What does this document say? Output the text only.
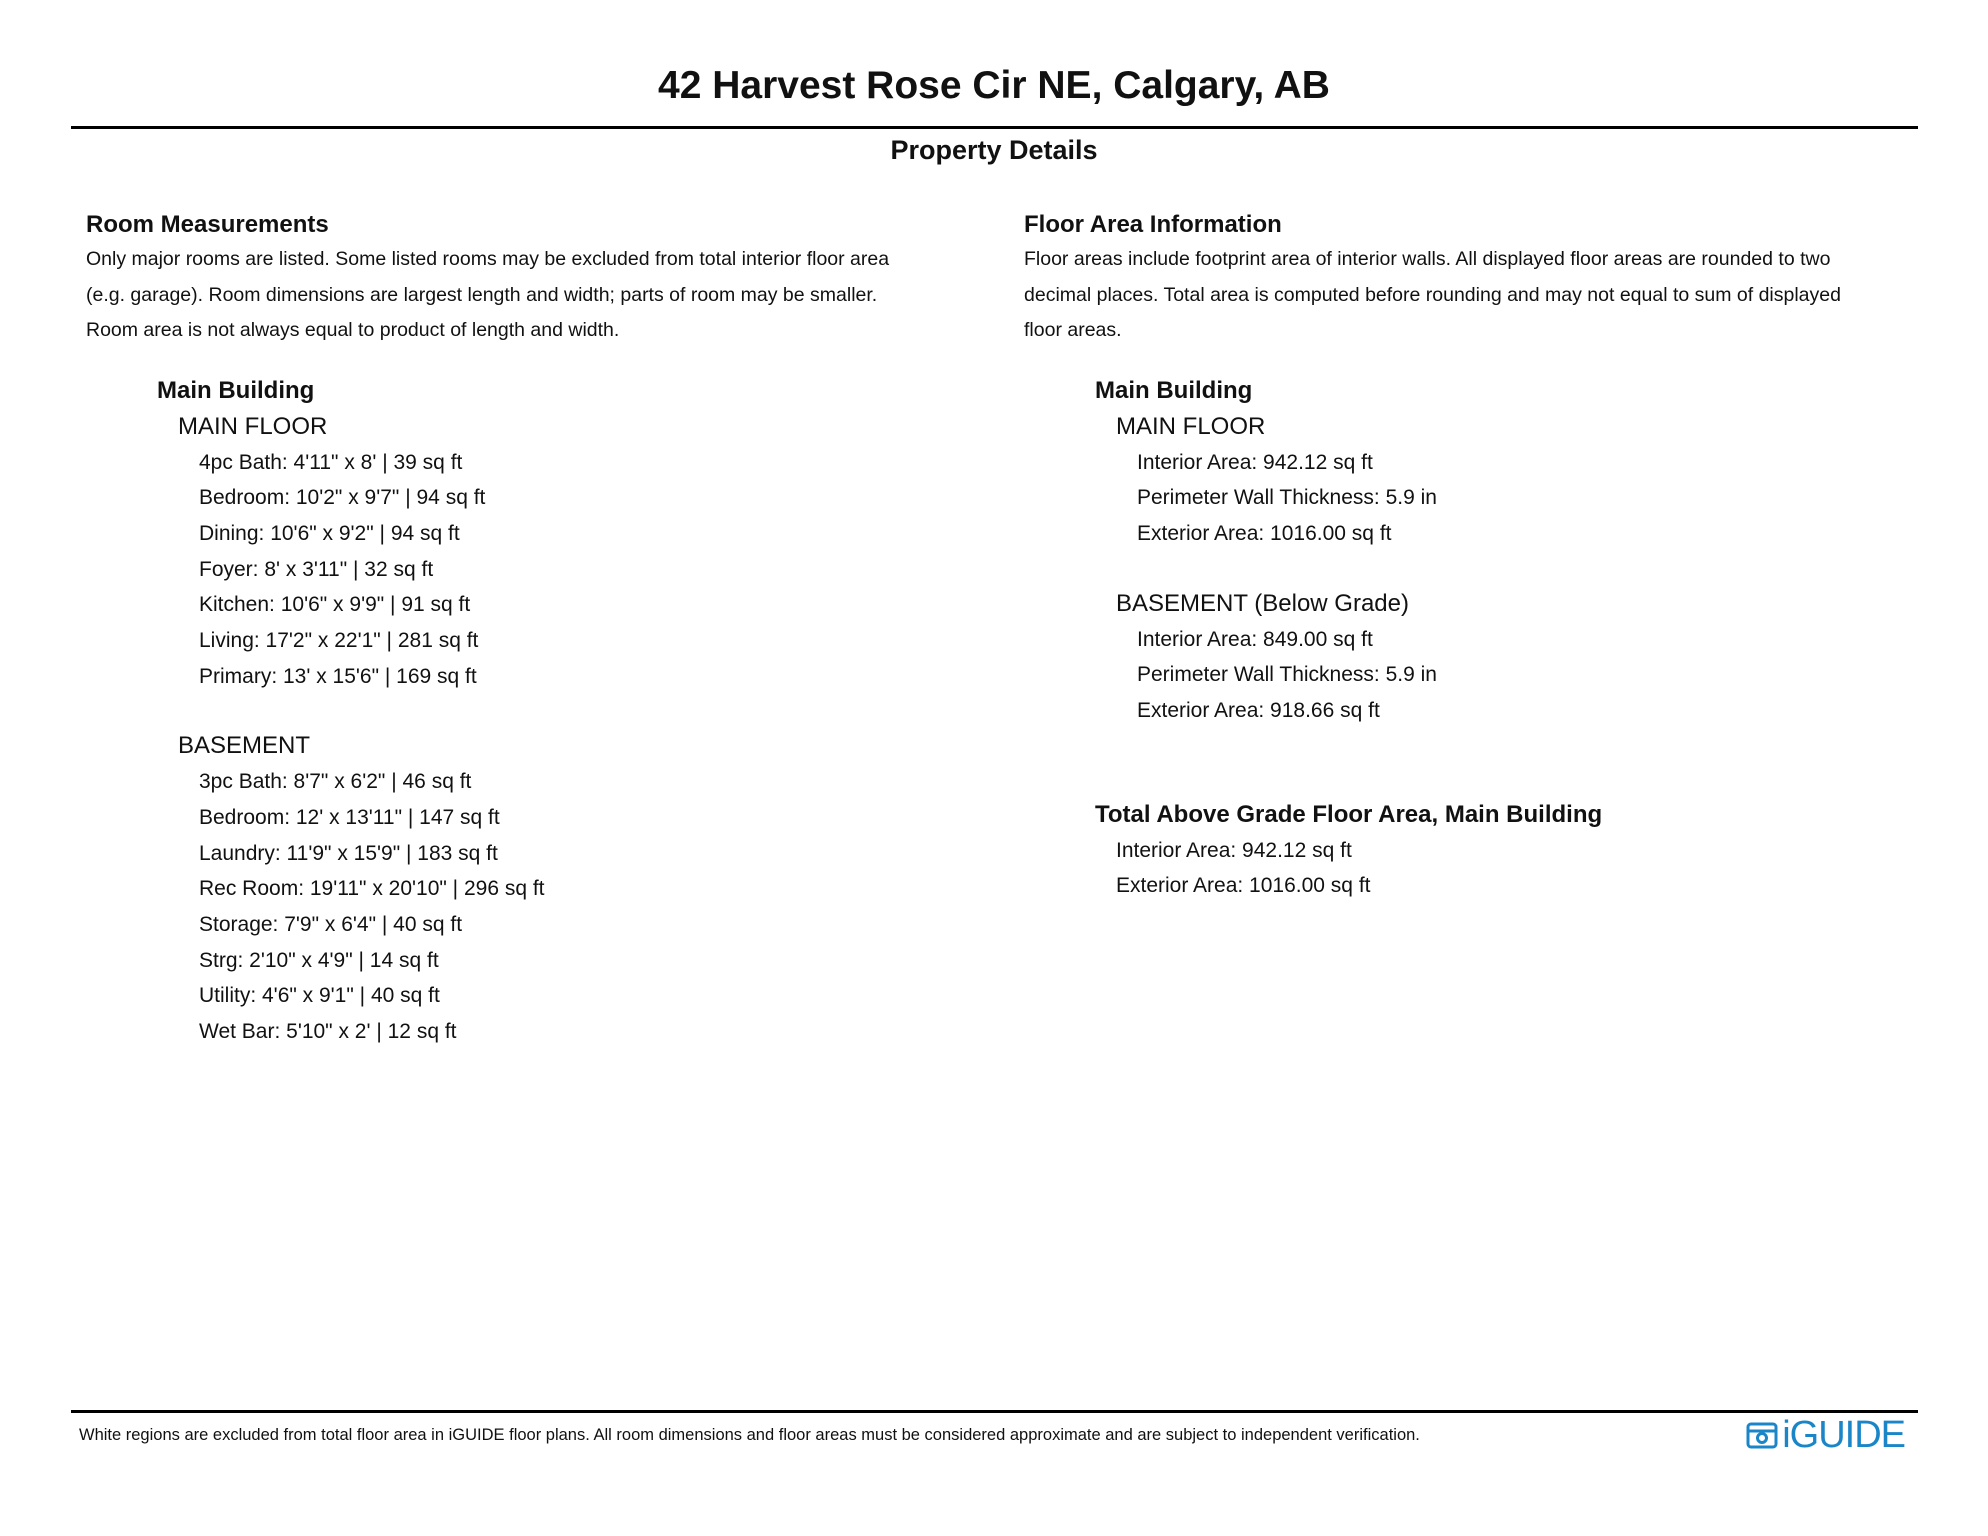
42 Harvest Rose Cir NE, Calgary, AB
Property Details
Room Measurements
Only major rooms are listed. Some listed rooms may be excluded from total interior floor area
(e.g. garage). Room dimensions are largest length and width; parts of room may be smaller.
Room area is not always equal to product of length and width.
Main Building
MAIN FLOOR
4pc Bath: 4'11" x 8' | 39 sq ft
Bedroom: 10'2" x 9'7" | 94 sq ft
Dining: 10'6" x 9'2" | 94 sq ft
Foyer: 8' x 3'11" | 32 sq ft
Kitchen: 10'6" x 9'9" | 91 sq ft
Living: 17'2" x 22'1" | 281 sq ft
Primary: 13' x 15'6" | 169 sq ft
BASEMENT
3pc Bath: 8'7" x 6'2" | 46 sq ft
Bedroom: 12' x 13'11" | 147 sq ft
Laundry: 11'9" x 15'9" | 183 sq ft
Rec Room: 19'11" x 20'10" | 296 sq ft
Storage: 7'9" x 6'4" | 40 sq ft
Strg: 2'10" x 4'9" | 14 sq ft
Utility: 4'6" x 9'1" | 40 sq ft
Wet Bar: 5'10" x 2' | 12 sq ft
Floor Area Information
Floor areas include footprint area of interior walls. All displayed floor areas are rounded to two
decimal places. Total area is computed before rounding and may not equal to sum of displayed
floor areas.
Main Building
MAIN FLOOR
Interior Area: 942.12 sq ft
Perimeter Wall Thickness: 5.9 in
Exterior Area: 1016.00 sq ft
BASEMENT (Below Grade)
Interior Area: 849.00 sq ft
Perimeter Wall Thickness: 5.9 in
Exterior Area: 918.66 sq ft
Total Above Grade Floor Area, Main Building
Interior Area: 942.12 sq ft
Exterior Area: 1016.00 sq ft
White regions are excluded from total floor area in iGUIDE floor plans. All room dimensions and floor areas must be considered approximate and are subject to independent verification.	iGUIDE
